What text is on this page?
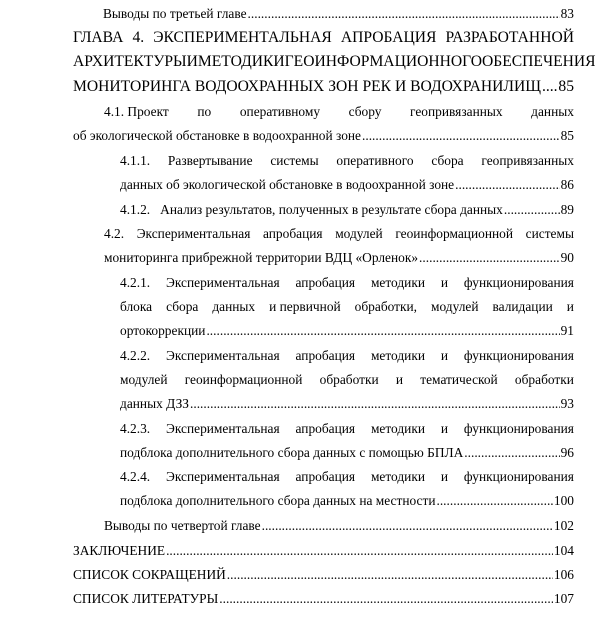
Выводы по третьей главе .....	83
ГЛАВА 4. ЭКСПЕРИМЕНТАЛЬНАЯ АПРОБАЦИЯ РАЗРАБОТАННОЙ
АРХИТЕКТУРЫ И МЕТОДИКИ ГЕОИНФОРМАЦИОННОГО ОБЕСПЕЧЕНИЯ
МОНИТОРИНГА ВОДООХРАННЫХ ЗОН РЕК И ВОДОХРАНИЛИЩ ..... 85
4.1. Проект по оперативному сбору геопривязанных данных
об экологической обстановке в водоохранной зоне .....	85
4.1.1. Развертывание системы оперативного сбора геопривязанных
данных об экологической обстановке в водоохранной зоне .....	86
4.1.2.   Анализ результатов, полученных в результате сбора данных .....	89
4.2. Экспериментальная апробация модулей геоинформационной системы
мониторинга прибрежной территории ВДЦ «Орленок» .....	90
4.2.1. Экспериментальная апробация методики и функционирования
блока сбора данных и первичной обработки, модулей валидации и
ортокоррекции .....	91
4.2.2. Экспериментальная апробация методики и функционирования
модулей геоинформационной обработки и тематической обработки
данных ДЗЗ .....	93
4.2.3. Экспериментальная апробация методики и функционирования
подблока дополнительного сбора данных с помощью БПЛА .....	96
4.2.4. Экспериментальная апробация методики и функционирования
подблока дополнительного сбора данных на местности .....	100
Выводы по четвертой главе .....	102
ЗАКЛЮЧЕНИЕ .....	104
СПИСОК СОКРАЩЕНИЙ .....	106
СПИСОК ЛИТЕРАТУРЫ .....	107
